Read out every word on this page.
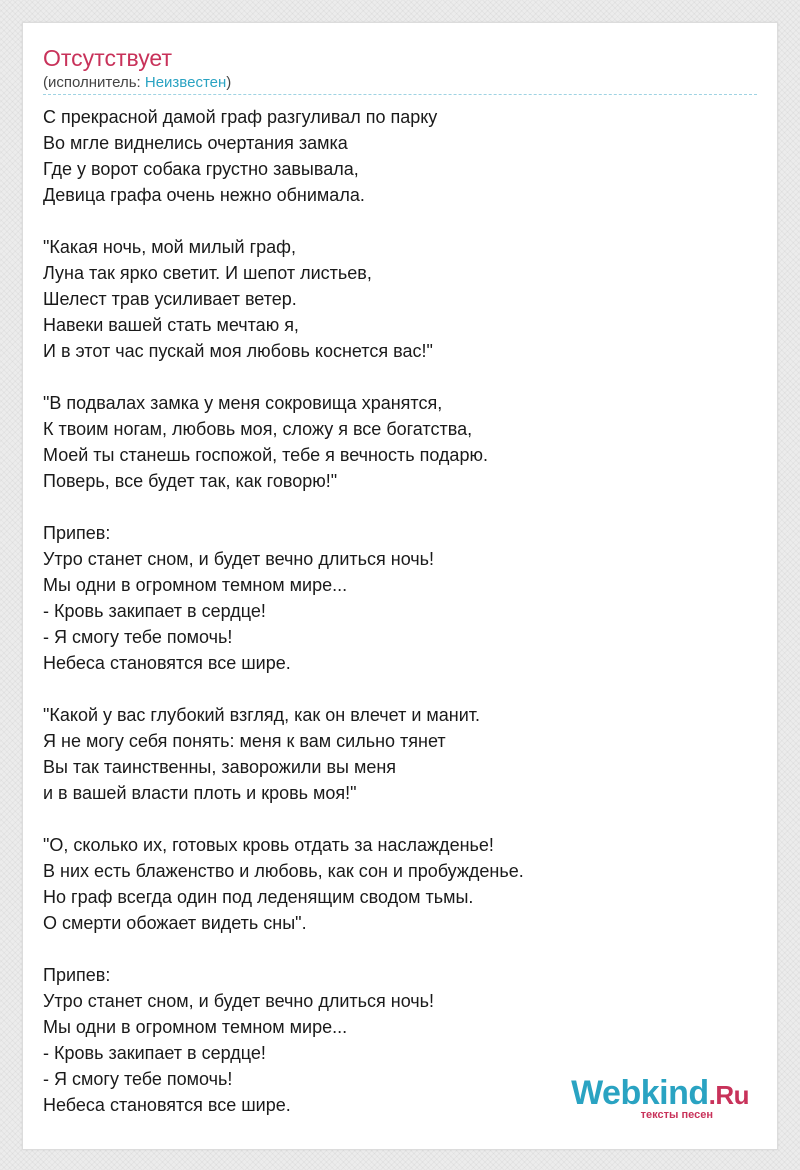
Отсутствует
(исполнитель: Неизвестен)
С прекрасной дамой граф разгуливал по парку
Во мгле виднелись очертания замка
Где у ворот собака грустно завывала,
Девица графа очень нежно обнимала.
"Какая ночь, мой милый граф,
Луна так ярко светит. И шепот листьев,
Шелест трав усиливает ветер.
Навеки вашей стать мечтаю я,
И в этот час пускай моя любовь коснется вас!"
"В подвалах замка у меня сокровища хранятся,
К твоим ногам, любовь моя, сложу я все богатства,
Моей ты станешь госпожой, тебе я вечность подарю.
Поверь, все будет так, как говорю!"
Припев:
Утро станет сном, и будет вечно длиться ночь!
Мы одни в огромном темном мире...
- Кровь закипает в сердце!
- Я смогу тебе помочь!
Небеса становятся все шире.
"Какой у вас глубокий взгляд, как он влечет и манит.
Я не могу себя понять: меня к вам сильно тянет
Вы так таинственны, заворожили вы меня
и в вашей власти плоть и кровь моя!"
"О, сколько их, готовых кровь отдать за наслажденье!
В них есть блаженство и любовь, как сон и пробужденье.
Но граф всегда один под леденящим сводом тьмы.
О смерти обожает видеть сны".
Припев:
Утро станет сном, и будет вечно длиться ночь!
Мы одни в огромном темном мире...
- Кровь закипает в сердце!
- Я смогу тебе помочь!
Небеса становятся все шире.	Webkind.Ru
тексты песен
